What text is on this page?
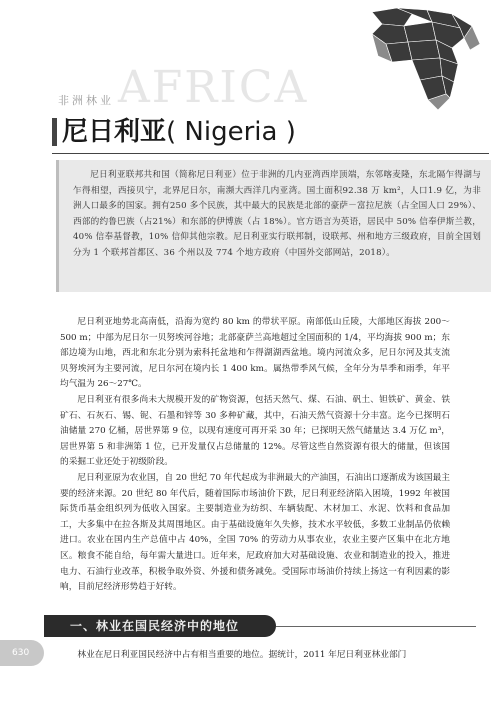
AFRICA
非洲林业
尼日利亚( Nigeria )

尼日利亚联邦共和国（简称尼日利亚）位于非洲的几内亚湾西岸顶端，东邻喀麦隆，东北隔乍得湖与乍得相望，西接贝宁，北界尼日尔，南濒大西洋几内亚湾。国土面积92.38 万 km²，人口1.9 亿，为非洲人口最多的国家。拥有250 多个民族，其中最大的民族是北部的豪萨－富拉尼族（占全国人口 29%）、西部的约鲁巴族（占21%）和东部的伊博族（占 18%）。官方语言为英语，居民中 50% 信奉伊斯兰教，40% 信奉基督教，10% 信仰其他宗教。尼日利亚实行联邦制，设联邦、州和地方三级政府，目前全国划分为 1 个联邦首都区、36 个州以及 774 个地方政府（中国外交部网站，2018）。

尼日利亚地势北高南低，沿海为宽约 80 km 的带状平原。南部低山丘陵，大部地区海拔 200～500 m；中部为尼日尔一贝努埃河谷地；北部豪萨兰高地超过全国面积的 1/4，平均海拔 900 m；东部边境为山地，西北和东北分别为索科托盆地和乍得湖湖西盆地。境内河流众多，尼日尔河及其支流贝努埃河为主要河流，尼日尔河在境内长 1 400 km。属热带季风气候，全年分为旱季和雨季，年平均气温为 26～27℃。

尼日利亚有很多尚未大规模开发的矿物资源，包括天然气、煤、石油、矾土、钽铁矿、黄金、铁矿石、石灰石、锡、铌、石墨和锌等 30 多种矿藏，其中，石油天然气资源十分丰富。迄今已探明石油储量 270 亿桶，居世界第 9 位，以现有速度可再开采 30 年；已探明天然气储量达 3.4 万亿 m³，居世界第 5 和非洲第 1 位，已开发量仅占总储量的 12%。尽管这些自然资源有很大的储量，但该国的采掘工业还处于初级阶段。

尼日利亚原为农业国，自 20 世纪 70 年代起成为非洲最大的产油国，石油出口逐渐成为该国最主要的经济来源。20 世纪 80 年代后，随着国际市场油价下跌，尼日利亚经济陷入困境，1992 年被国际货币基金组织列为低收入国家。主要制造业为纺织、车辆装配、木材加工、水泥、饮料和食品加工，大多集中在拉各斯及其周围地区。由于基础设施年久失修，技术水平较低，多数工业制品仍依赖进口。农业在国内生产总值中占 40%，全国 70% 的劳动力从事农业，农业主要产区集中在北方地区。粮食不能自给，每年需大量进口。近年来，尼政府加大对基础设施、农业和制造业的投入，推进电力、石油行业改革，积极争取外资、外援和债务减免。受国际市场油价持续上扬这一有利因素的影响，目前尼经济形势趋于好转。

一、林业在国民经济中的地位
630	林业在尼日利亚国民经济中占有相当重要的地位。据统计，2011 年尼日利亚林业部门
